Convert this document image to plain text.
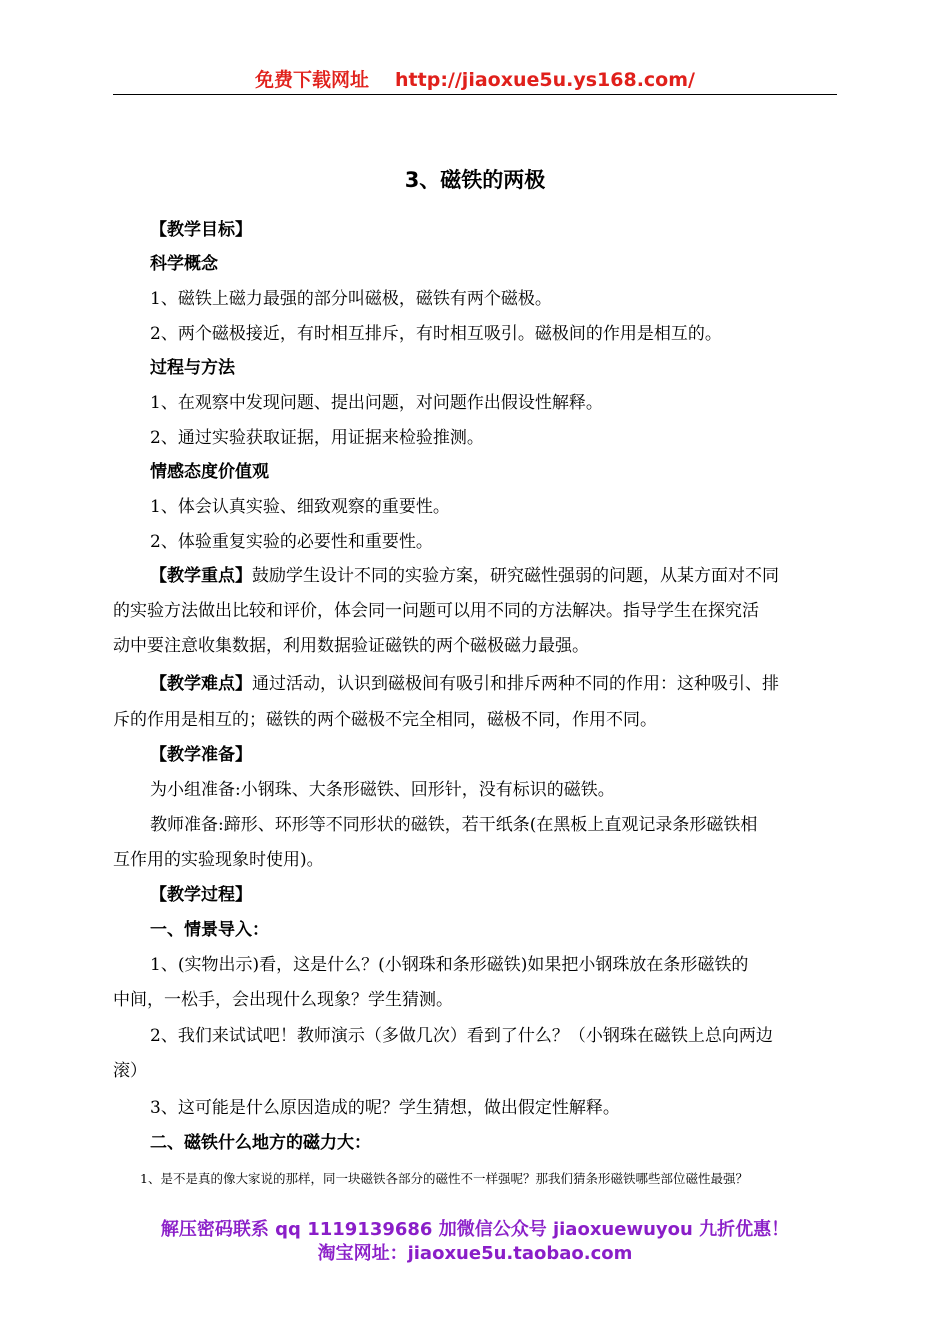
免费下载网址 http://jiaoxue5u.ys168.com/
3、磁铁的两极
【教学目标】
科学概念
1、磁铁上磁力最强的部分叫磁极，磁铁有两个磁极。
2、两个磁极接近，有时相互排斥，有时相互吸引。磁极间的作用是相互的。
过程与方法
1、在观察中发现问题、提出问题，对问题作出假设性解释。
2、通过实验获取证据，用证据来检验推测。
情感态度价值观
1、体会认真实验、细致观察的重要性。
2、体验重复实验的必要性和重要性。
【教学重点】鼓励学生设计不同的实验方案，研究磁性强弱的问题，从某方面对不同
的实验方法做出比较和评价，体会同一问题可以用不同的方法解决。指导学生在探究活
动中要注意收集数据，利用数据验证磁铁的两个磁极磁力最强。
【教学难点】通过活动，认识到磁极间有吸引和排斥两种不同的作用：这种吸引、排
斥的作用是相互的；磁铁的两个磁极不完全相同，磁极不同，作用不同。
【教学准备】
为小组准备:小钢珠、大条形磁铁、回形针，没有标识的磁铁。
教师准备:蹄形、环形等不同形状的磁铁，若干纸条(在黑板上直观记录条形磁铁相
互作用的实验现象时使用)。
【教学过程】
一、情景导入：
1、(实物出示)看，这是什么？(小钢珠和条形磁铁)如果把小钢珠放在条形磁铁的
中间，一松手，会出现什么现象？学生猜测。
2、我们来试试吧！教师演示（多做几次）看到了什么？（小钢珠在磁铁上总向两边
滚）
3、这可能是什么原因造成的呢？学生猜想，做出假定性解释。
二、磁铁什么地方的磁力大：
1、是不是真的像大家说的那样，同一块磁铁各部分的磁性不一样强呢？那我们猜条形磁铁哪些部位磁性最强？
解压密码联系 qq 1119139686 加微信公众号 jiaoxuewuyou 九折优惠！
淘宝网址：jiaoxue5u.taobao.com
